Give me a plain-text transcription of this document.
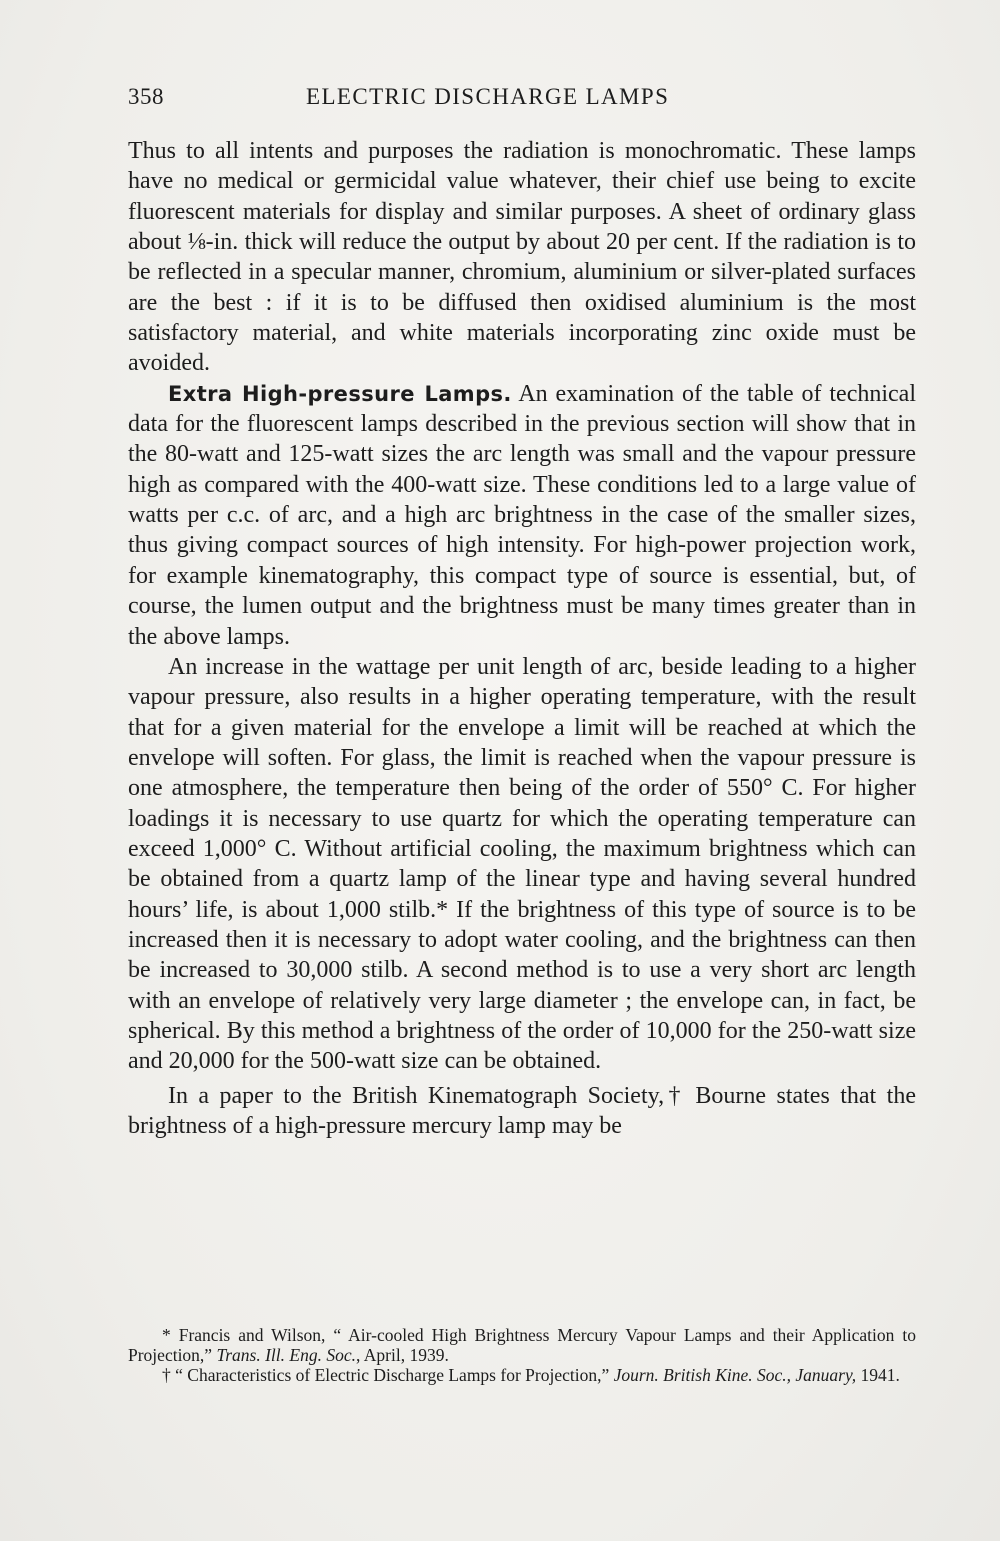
358	ELECTRIC DISCHARGE LAMPS

Thus to all intents and purposes the radiation is monochromatic. These lamps have no medical or germicidal value whatever, their chief use being to excite fluorescent materials for display and similar purposes. A sheet of ordinary glass about ⅛-in. thick will reduce the output by about 20 per cent. If the radiation is to be reflected in a specular manner, chromium, aluminium or silver-plated surfaces are the best : if it is to be diffused then oxidised aluminium is the most satisfactory material, and white materials incorporating zinc oxide must be avoided.

Extra High-pressure Lamps. An examination of the table of technical data for the fluorescent lamps described in the previous section will show that in the 80-watt and 125-watt sizes the arc length was small and the vapour pressure high as compared with the 400-watt size. These conditions led to a large value of watts per c.c. of arc, and a high arc brightness in the case of the smaller sizes, thus giving compact sources of high intensity. For high-power projection work, for example kinematography, this compact type of source is essential, but, of course, the lumen output and the brightness must be many times greater than in the above lamps.

An increase in the wattage per unit length of arc, beside leading to a higher vapour pressure, also results in a higher operating temperature, with the result that for a given material for the envelope a limit will be reached at which the envelope will soften. For glass, the limit is reached when the vapour pressure is one atmosphere, the temperature then being of the order of 550° C. For higher loadings it is necessary to use quartz for which the operating temperature can exceed 1,000° C. Without artificial cooling, the maximum brightness which can be obtained from a quartz lamp of the linear type and having several hundred hours’ life, is about 1,000 stilb.* If the brightness of this type of source is to be increased then it is necessary to adopt water cooling, and the brightness can then be increased to 30,000 stilb. A second method is to use a very short arc length with an envelope of relatively very large diameter ; the envelope can, in fact, be spherical. By this method a brightness of the order of 10,000 for the 250-watt size and 20,000 for the 500-watt size can be obtained.

In a paper to the British Kinematograph Society,† Bourne states that the brightness of a high-pressure mercury lamp may be

* Francis and Wilson, “ Air-cooled High Brightness Mercury Vapour Lamps and their Application to Projection,” Trans. Ill. Eng. Soc., April, 1939.

† “ Characteristics of Electric Discharge Lamps for Projection,” Journ. British Kine. Soc., January, 1941.
